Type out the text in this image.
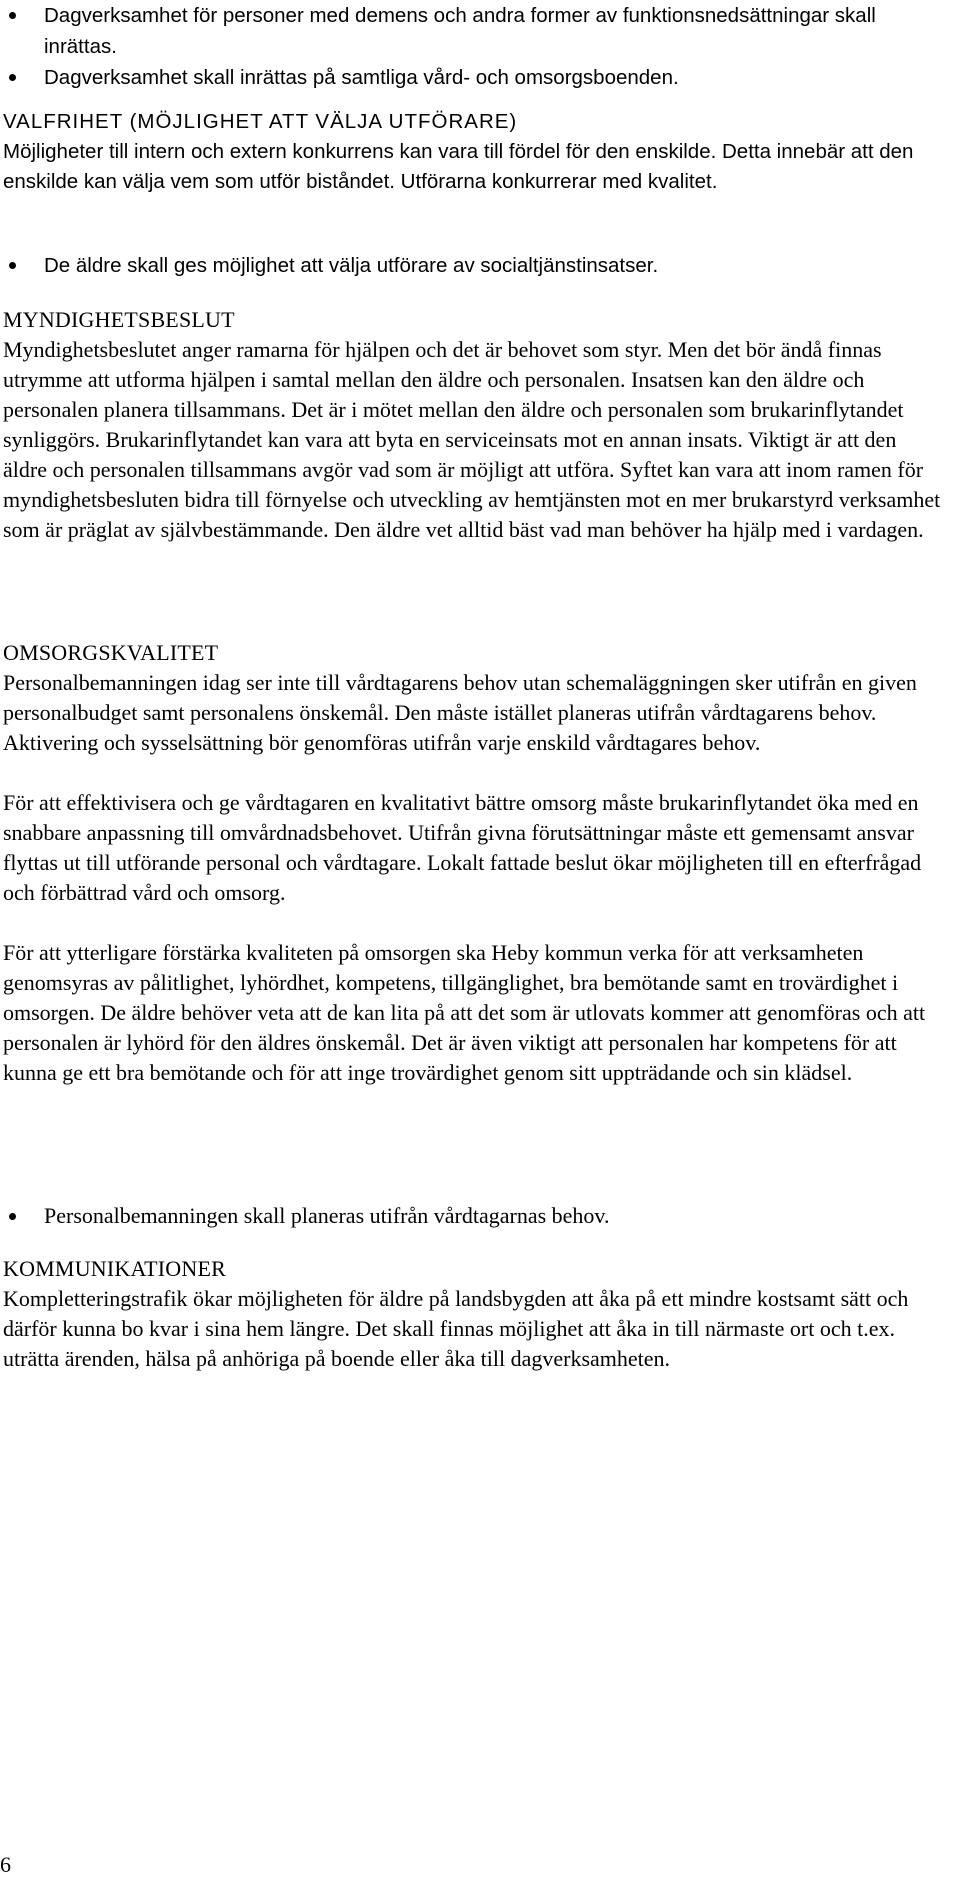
Dagverksamhet för personer med demens och andra former av funktionsnedsättningar skall inrättas.
Dagverksamhet skall inrättas på samtliga vård- och omsorgsboenden.
VALFRIHET (MÖJLIGHET ATT VÄLJA UTFÖRARE)

Möjligheter till intern och extern konkurrens kan vara till fördel för den enskilde. Detta innebär att den enskilde kan välja vem som utför biståndet. Utförarna konkurrerar med kvalitet.

De äldre skall ges möjlighet att välja utförare av socialtjänstinsatser.
MYNDIGHETSBESLUT

Myndighetsbeslutet anger ramarna för hjälpen och det är behovet som styr. Men det bör ändå finnas utrymme att utforma hjälpen i samtal mellan den äldre och personalen. Insatsen kan den äldre och personalen planera tillsammans. Det är i mötet mellan den äldre och personalen som brukarinflytandet synliggörs. Brukarinflytandet kan vara att byta en serviceinsats mot en annan insats. Viktigt är att den äldre och personalen tillsammans avgör vad som är möjligt att utföra. Syftet kan vara att inom ramen för myndighetsbesluten bidra till förnyelse och utveckling av hemtjänsten mot en mer brukarstyrd verksamhet som är präglat av självbestämmande. Den äldre vet alltid bäst vad man behöver ha hjälp med i vardagen.

OMSORGSKVALITET

Personalbemanningen idag ser inte till vårdtagarens behov utan schemaläggningen sker utifrån en given personalbudget samt personalens önskemål. Den måste istället planeras utifrån vårdtagarens behov. Aktivering och sysselsättning bör genomföras utifrån varje enskild vårdtagares behov.

För att effektivisera och ge vårdtagaren en kvalitativt bättre omsorg måste brukarinflytandet öka med en snabbare anpassning till omvårdnadsbehovet. Utifrån givna förutsättningar måste ett gemensamt ansvar flyttas ut till utförande personal och vårdtagare. Lokalt fattade beslut ökar möjligheten till en efterfrågad och förbättrad vård och omsorg.

För att ytterligare förstärka kvaliteten på omsorgen ska Heby kommun verka för att verksamheten genomsyras av pålitlighet, lyhördhet, kompetens, tillgänglighet, bra bemötande samt en trovärdighet i omsorgen. De äldre behöver veta att de kan lita på att det som är utlovats kommer att genomföras och att personalen är lyhörd för den äldres önskemål. Det är även viktigt att personalen har kompetens för att kunna ge ett bra bemötande och för att inge trovärdighet genom sitt uppträdande och sin klädsel.

Personalbemanningen skall planeras utifrån vårdtagarnas behov.
KOMMUNIKATIONER

Kompletteringstrafik ökar möjligheten för äldre på landsbygden att åka på ett mindre kostsamt sätt och därför kunna bo kvar i sina hem längre. Det skall finnas möjlighet att åka in till närmaste ort och t.ex. uträtta ärenden, hälsa på anhöriga på boende eller åka till dagverksamheten.

6
